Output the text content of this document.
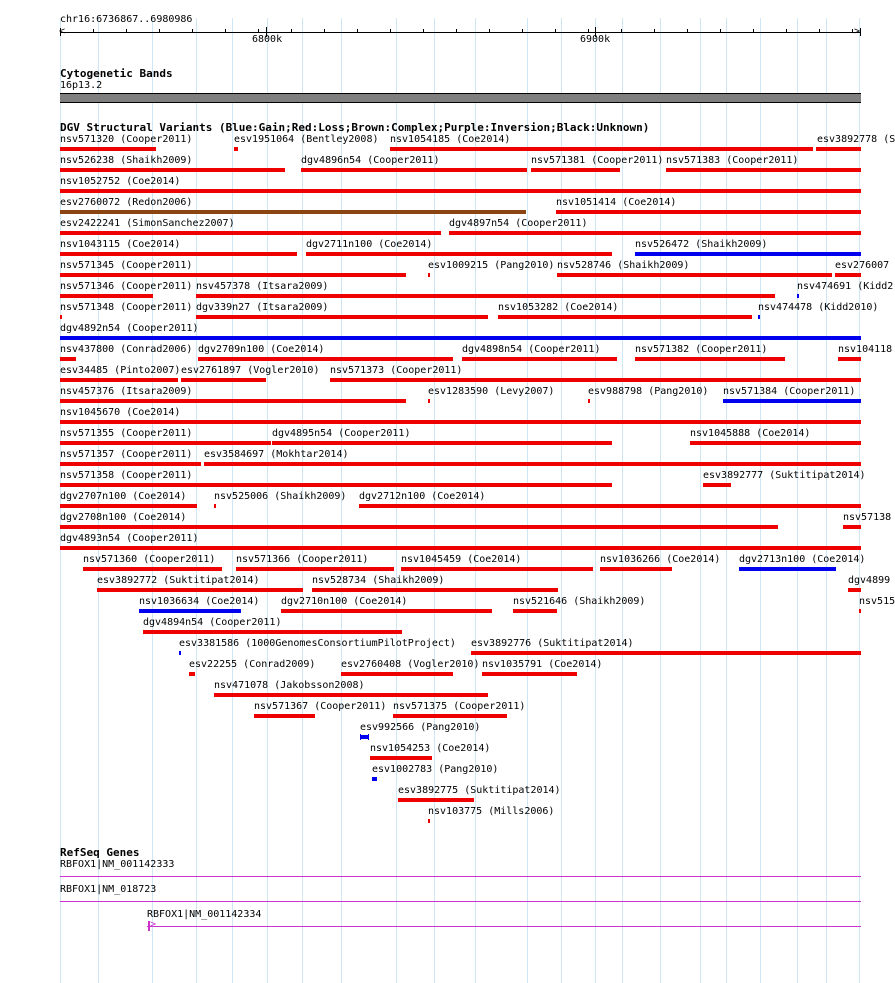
chr16:6736867..6980986
6800k	6900k
<	>
Cytogenetic Bands
16p13.2
DGV Structural Variants (Blue:Gain;Red:Loss;Brown:Complex;Purple:Inversion;Black:Unknown)
nsv571320 (Cooper2011)	esv1951064 (Bentley2008) nsv1054185 (Coe2014)	esv3892778 (S
nsv526238 (Shaikh2009)	dgv4896n54 (Cooper2011)	nsv571381 (Cooper2011) nsv571383 (Cooper2011)
nsv1052752 (Coe2014)
esv2760072 (Redon2006)	nsv1051414 (Coe2014)
esv2422241 (SimonSanchez2007)	dgv4897n54 (Cooper2011)
nsv1043115 (Coe2014)	dgv2711n100 (Coe2014)	nsv526472 (Shaikh2009)
nsv571345 (Cooper2011)	esv1009215 (Pang2010) nsv528746 (Shaikh2009)	esv276007
nsv571346 (Cooper2011) nsv457378 (Itsara2009)	nsv474691 (Kidd2
nsv571348 (Cooper2011) dgv339n27 (Itsara2009)	nsv1053282 (Coe2014)	nsv474478 (Kidd2010)
dgv4892n54 (Cooper2011)
nsv437800 (Conrad2006) dgv2709n100 (Coe2014)	dgv4898n54 (Cooper2011)	nsv571382 (Cooper2011)	nsv104118
esv34485 (Pinto2007) esv2761897 (Vogler2010) nsv571373 (Cooper2011)
nsv457376 (Itsara2009)	esv1283590 (Levy2007)	esv988798 (Pang2010) nsv571384 (Cooper2011)
nsv1045670 (Coe2014)
nsv571355 (Cooper2011)	dgv4895n54 (Cooper2011)	nsv1045888 (Coe2014)
nsv571357 (Cooper2011) esv3584697 (Mokhtar2014)
nsv571358 (Cooper2011)	esv3892777 (Suktitipat2014)
dgv2707n100 (Coe2014)	nsv525006 (Shaikh2009) dgv2712n100 (Coe2014)
dgv2708n100 (Coe2014)	nsv57138
dgv4893n54 (Cooper2011)
nsv571360 (Cooper2011) nsv571366 (Cooper2011)	nsv1045459 (Coe2014)	nsv1036266 (Coe2014) dgv2713n100 (Coe2014)
esv3892772 (Suktitipat2014)	nsv528734 (Shaikh2009)	dgv4899
nsv1036634 (Coe2014) dgv2710n100 (Coe2014)	nsv521646 (Shaikh2009)	nsv515
dgv4894n54 (Cooper2011)
esv3381586 (1000GenomesConsortiumPilotProject) esv3892776 (Suktitipat2014)
esv22255 (Conrad2009)	esv2760408 (Vogler2010) nsv1035791 (Coe2014)
nsv471078 (Jakobsson2008)
nsv571367 (Cooper2011) nsv571375 (Cooper2011)
esv992566 (Pang2010)
nsv1054253 (Coe2014)
esv1002783 (Pang2010)
esv3892775 (Suktitipat2014)
nsv103775 (Mills2006)
RefSeq Genes
RBFOX1|NM_001142333
RBFOX1|NM_018723
RBFOX1|NM_001142334
>
